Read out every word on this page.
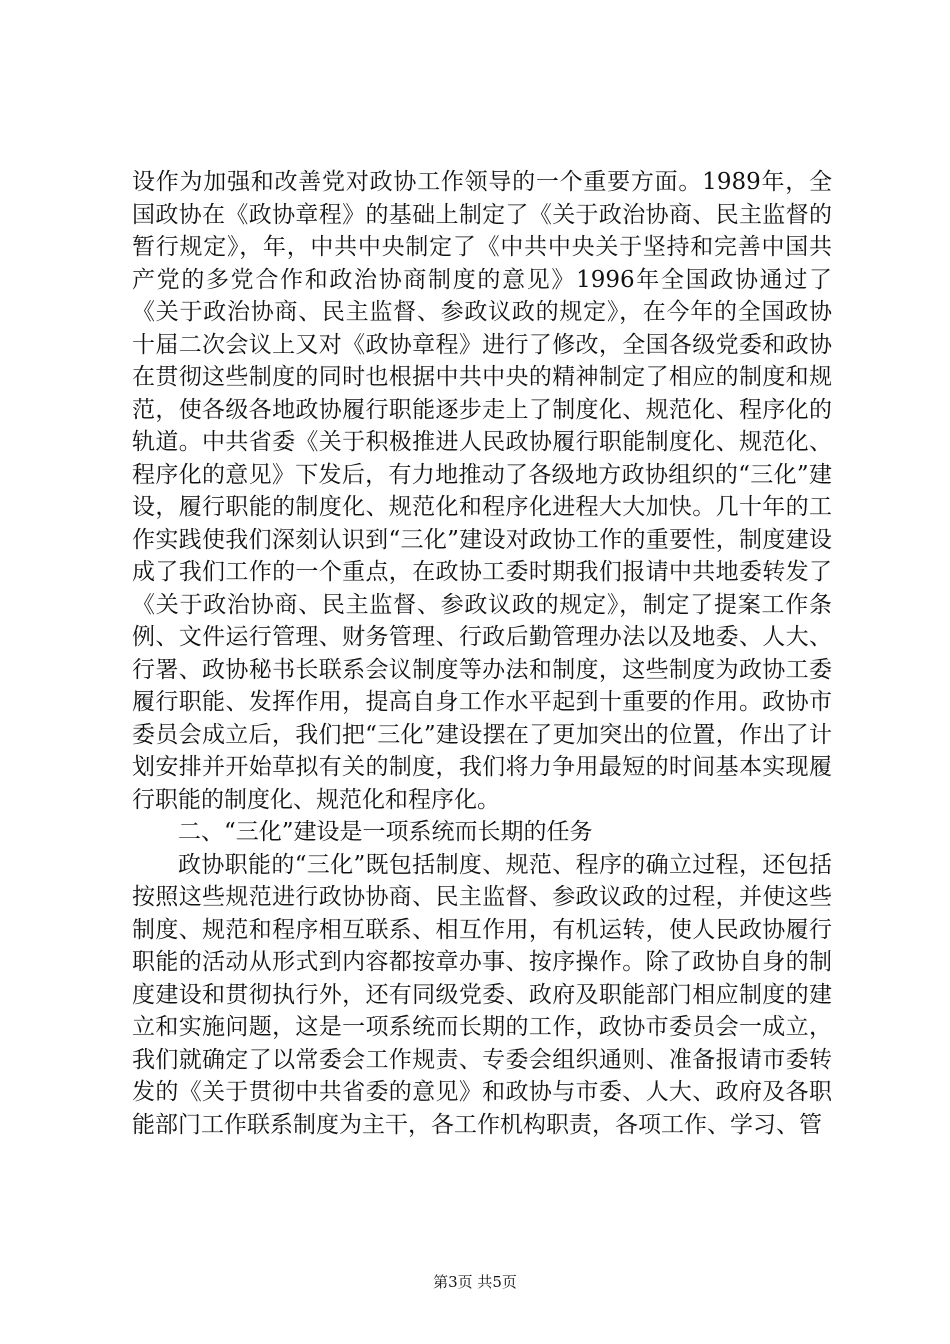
设作为加强和改善党对政协工作领导的一个重要方面。1989年，全国政协在《政协章程》的基础上制定了《关于政治协商、民主监督的暂行规定》，年，中共中央制定了《中共中央关于坚持和完善中国共产党的多党合作和政治协商制度的意见》1996年全国政协通过了《关于政治协商、民主监督、参政议政的规定》，在今年的全国政协十届二次会议上又对《政协章程》进行了修改，全国各级党委和政协在贯彻这些制度的同时也根据中共中央的精神制定了相应的制度和规范，使各级各地政协履行职能逐步走上了制度化、规范化、程序化的轨道。中共省委《关于积极推进人民政协履行职能制度化、规范化、程序化的意见》下发后，有力地推动了各级地方政协组织的“三化”建设，履行职能的制度化、规范化和程序化进程大大加快。几十年的工作实践使我们深刻认识到“三化”建设对政协工作的重要性，制度建设成了我们工作的一个重点，在政协工委时期我们报请中共地委转发了《关于政治协商、民主监督、参政议政的规定》，制定了提案工作条例、文件运行管理、财务管理、行政后勤管理办法以及地委、人大、行署、政协秘书长联系会议制度等办法和制度，这些制度为政协工委履行职能、发挥作用，提高自身工作水平起到十重要的作用。政协市委员会成立后，我们把“三化”建设摆在了更加突出的位置，作出了计划安排并开始草拟有关的制度，我们将力争用最短的时间基本实现履行职能的制度化、规范化和程序化。

二、“三化”建设是一项系统而长期的任务

政协职能的“三化”既包括制度、规范、程序的确立过程，还包括按照这些规范进行政协协商、民主监督、参政议政的过程，并使这些制度、规范和程序相互联系、相互作用，有机运转，使人民政协履行职能的活动从形式到内容都按章办事、按序操作。除了政协自身的制度建设和贯彻执行外，还有同级党委、政府及职能部门相应制度的建立和实施问题，这是一项系统而长期的工作，政协市委员会一成立，我们就确定了以常委会工作规责、专委会组织通则、准备报请市委转发的《关于贯彻中共省委的意见》和政协与市委、人大、政府及各职能部门工作联系制度为主干，各工作机构职责，各项工作、学习、管

第3页 共5页
